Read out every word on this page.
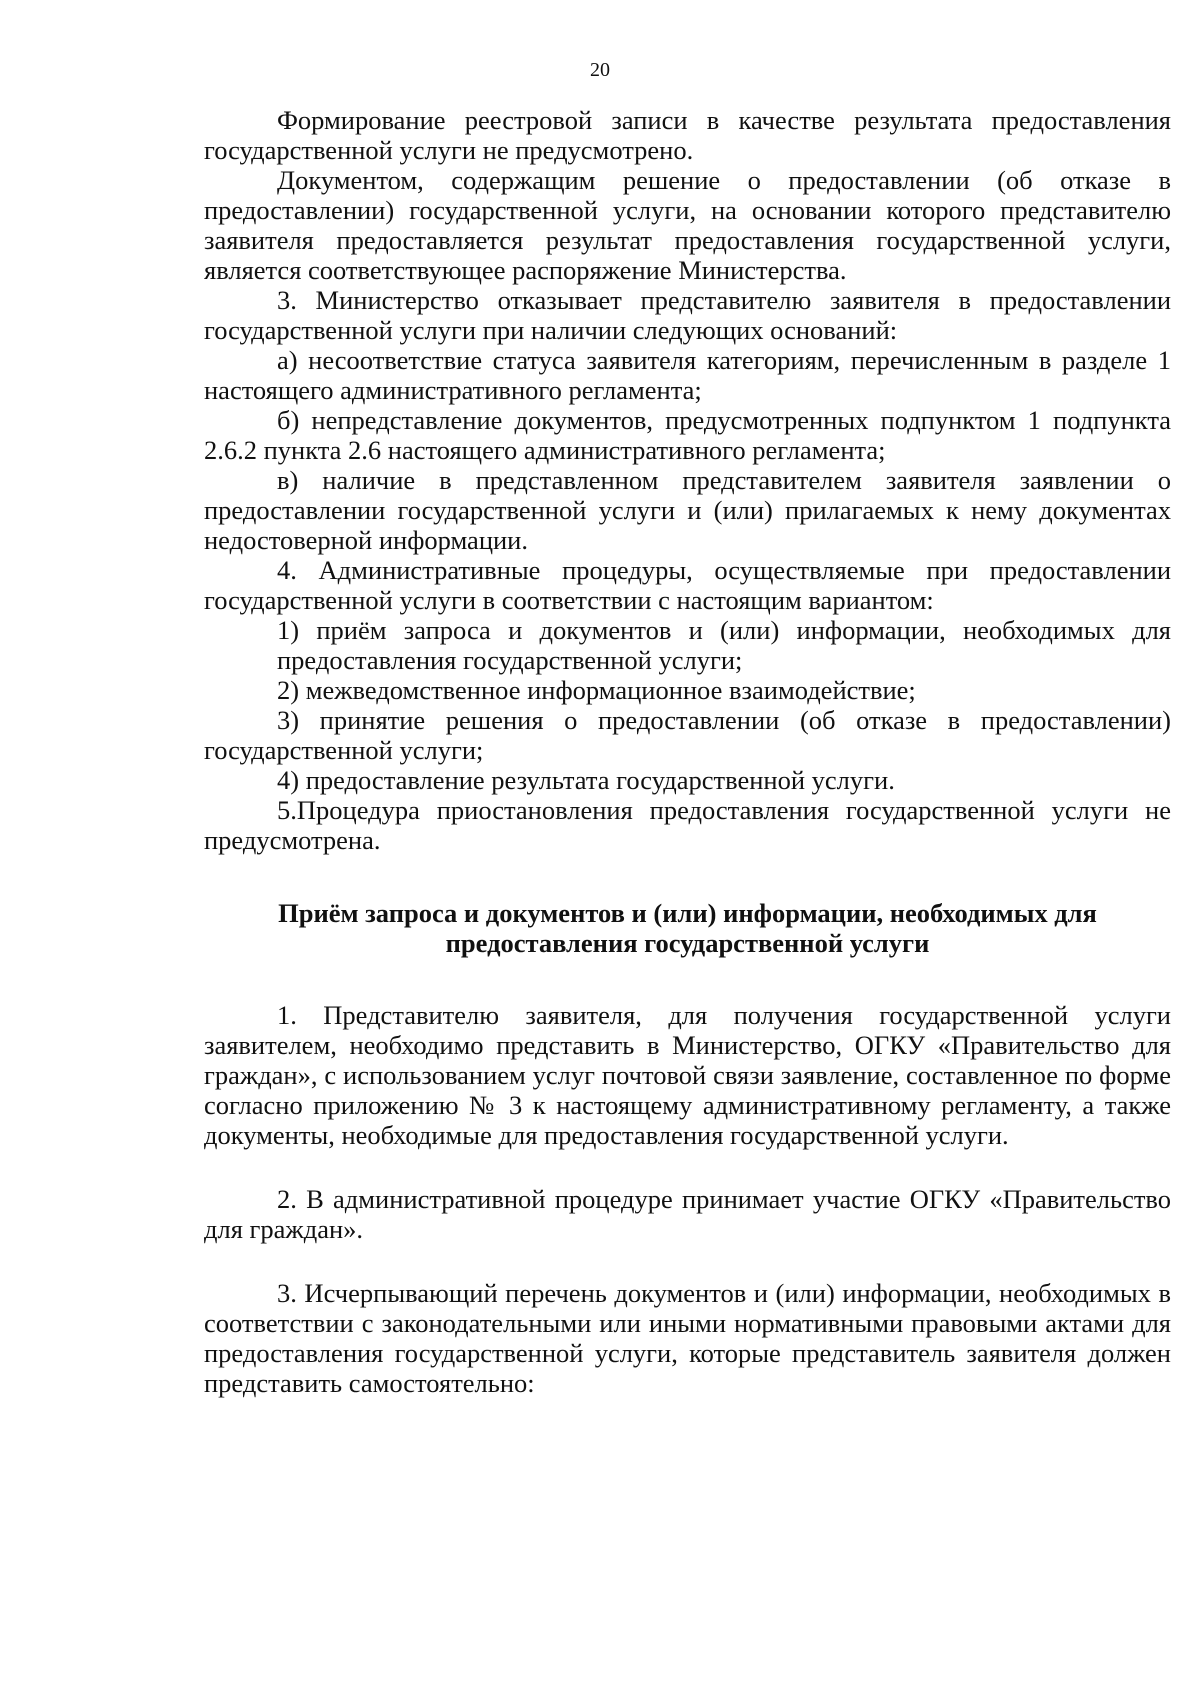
20

Формирование реестровой записи в качестве результата предоставления государственной услуги не предусмотрено.

Документом, содержащим решение о предоставлении (об отказе в предоставлении) государственной услуги, на основании которого представителю заявителя предоставляется результат предоставления государственной услуги, является соответствующее распоряжение Министерства.

3. Министерство отказывает представителю заявителя в предоставлении государственной услуги при наличии следующих оснований:

а) несоответствие статуса заявителя категориям, перечисленным в разделе 1 настоящего административного регламента;

б) непредставление документов, предусмотренных подпунктом 1 подпункта 2.6.2 пункта 2.6 настоящего административного регламента;

в) наличие в представленном представителем заявителя заявлении о предоставлении государственной услуги и (или) прилагаемых к нему документах недостоверной информации.

4. Административные процедуры, осуществляемые при предоставлении государственной услуги в соответствии с настоящим вариантом:

1) приём запроса и документов и (или) информации, необходимых для предоставления государственной услуги;

2) межведомственное информационное взаимодействие;

3) принятие решения о предоставлении (об отказе в предоставлении) государственной услуги;

4) предоставление результата государственной услуги.

5.Процедура приостановления предоставления государственной услуги не предусмотрена.

Приём запроса и документов и (или) информации, необходимых для
предоставления государственной услуги

1. Представителю заявителя, для получения государственной услуги заявителем, необходимо представить в Министерство, ОГКУ «Правительство для граждан», с использованием услуг почтовой связи заявление, составленное по форме согласно приложению № 3 к настоящему административному регламенту, а также документы, необходимые для предоставления государственной услуги.

2. В административной процедуре принимает участие ОГКУ «Правительство для граждан».

3. Исчерпывающий перечень документов и (или) информации, необходимых в соответствии с законодательными или иными нормативными правовыми актами для предоставления государственной услуги, которые представитель заявителя должен представить самостоятельно:
